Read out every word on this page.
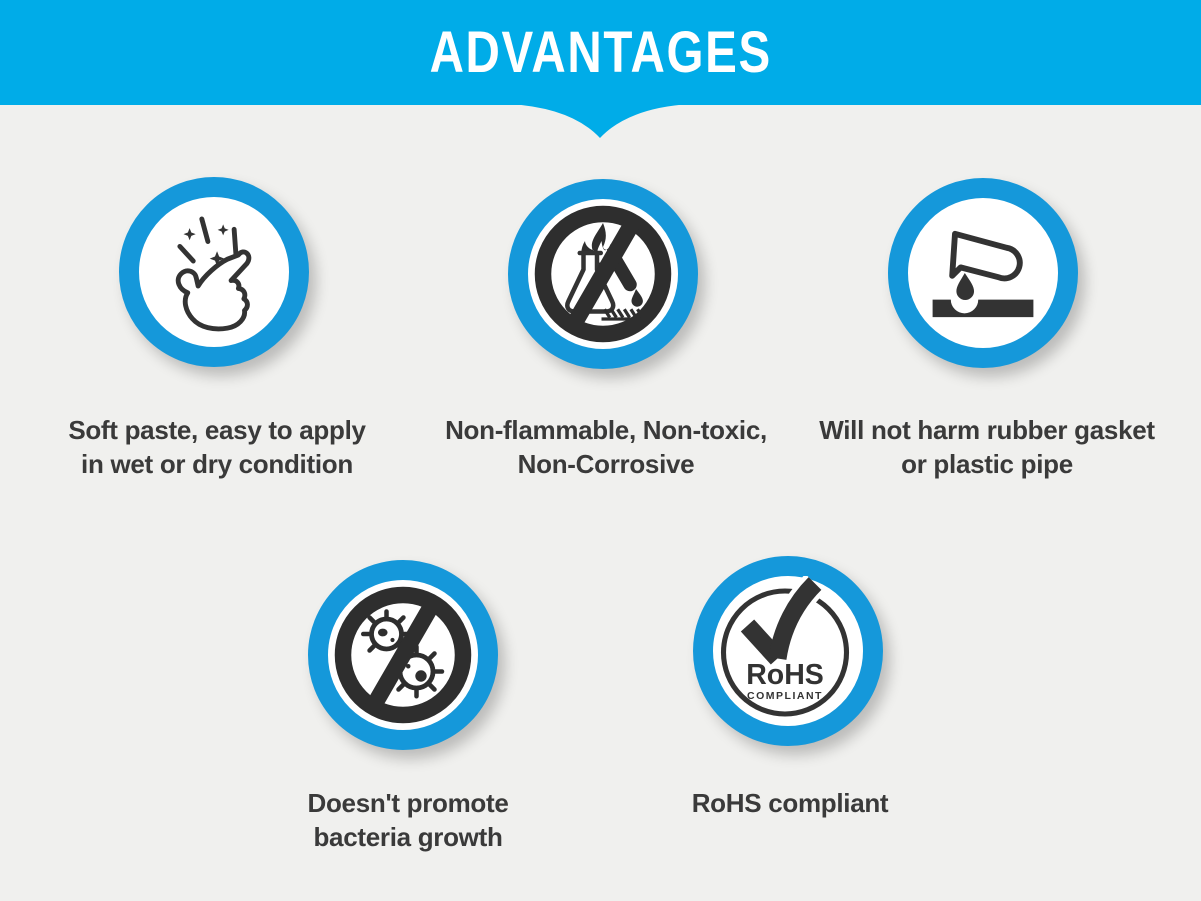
ADVANTAGES
RoHS
COMPLIANT
Soft paste, easy to apply
in wet or dry condition
Non-flammable, Non-toxic,
Non-Corrosive
Will not harm rubber gasket
or plastic pipe
Doesn't promote
bacteria growth
RoHS compliant
